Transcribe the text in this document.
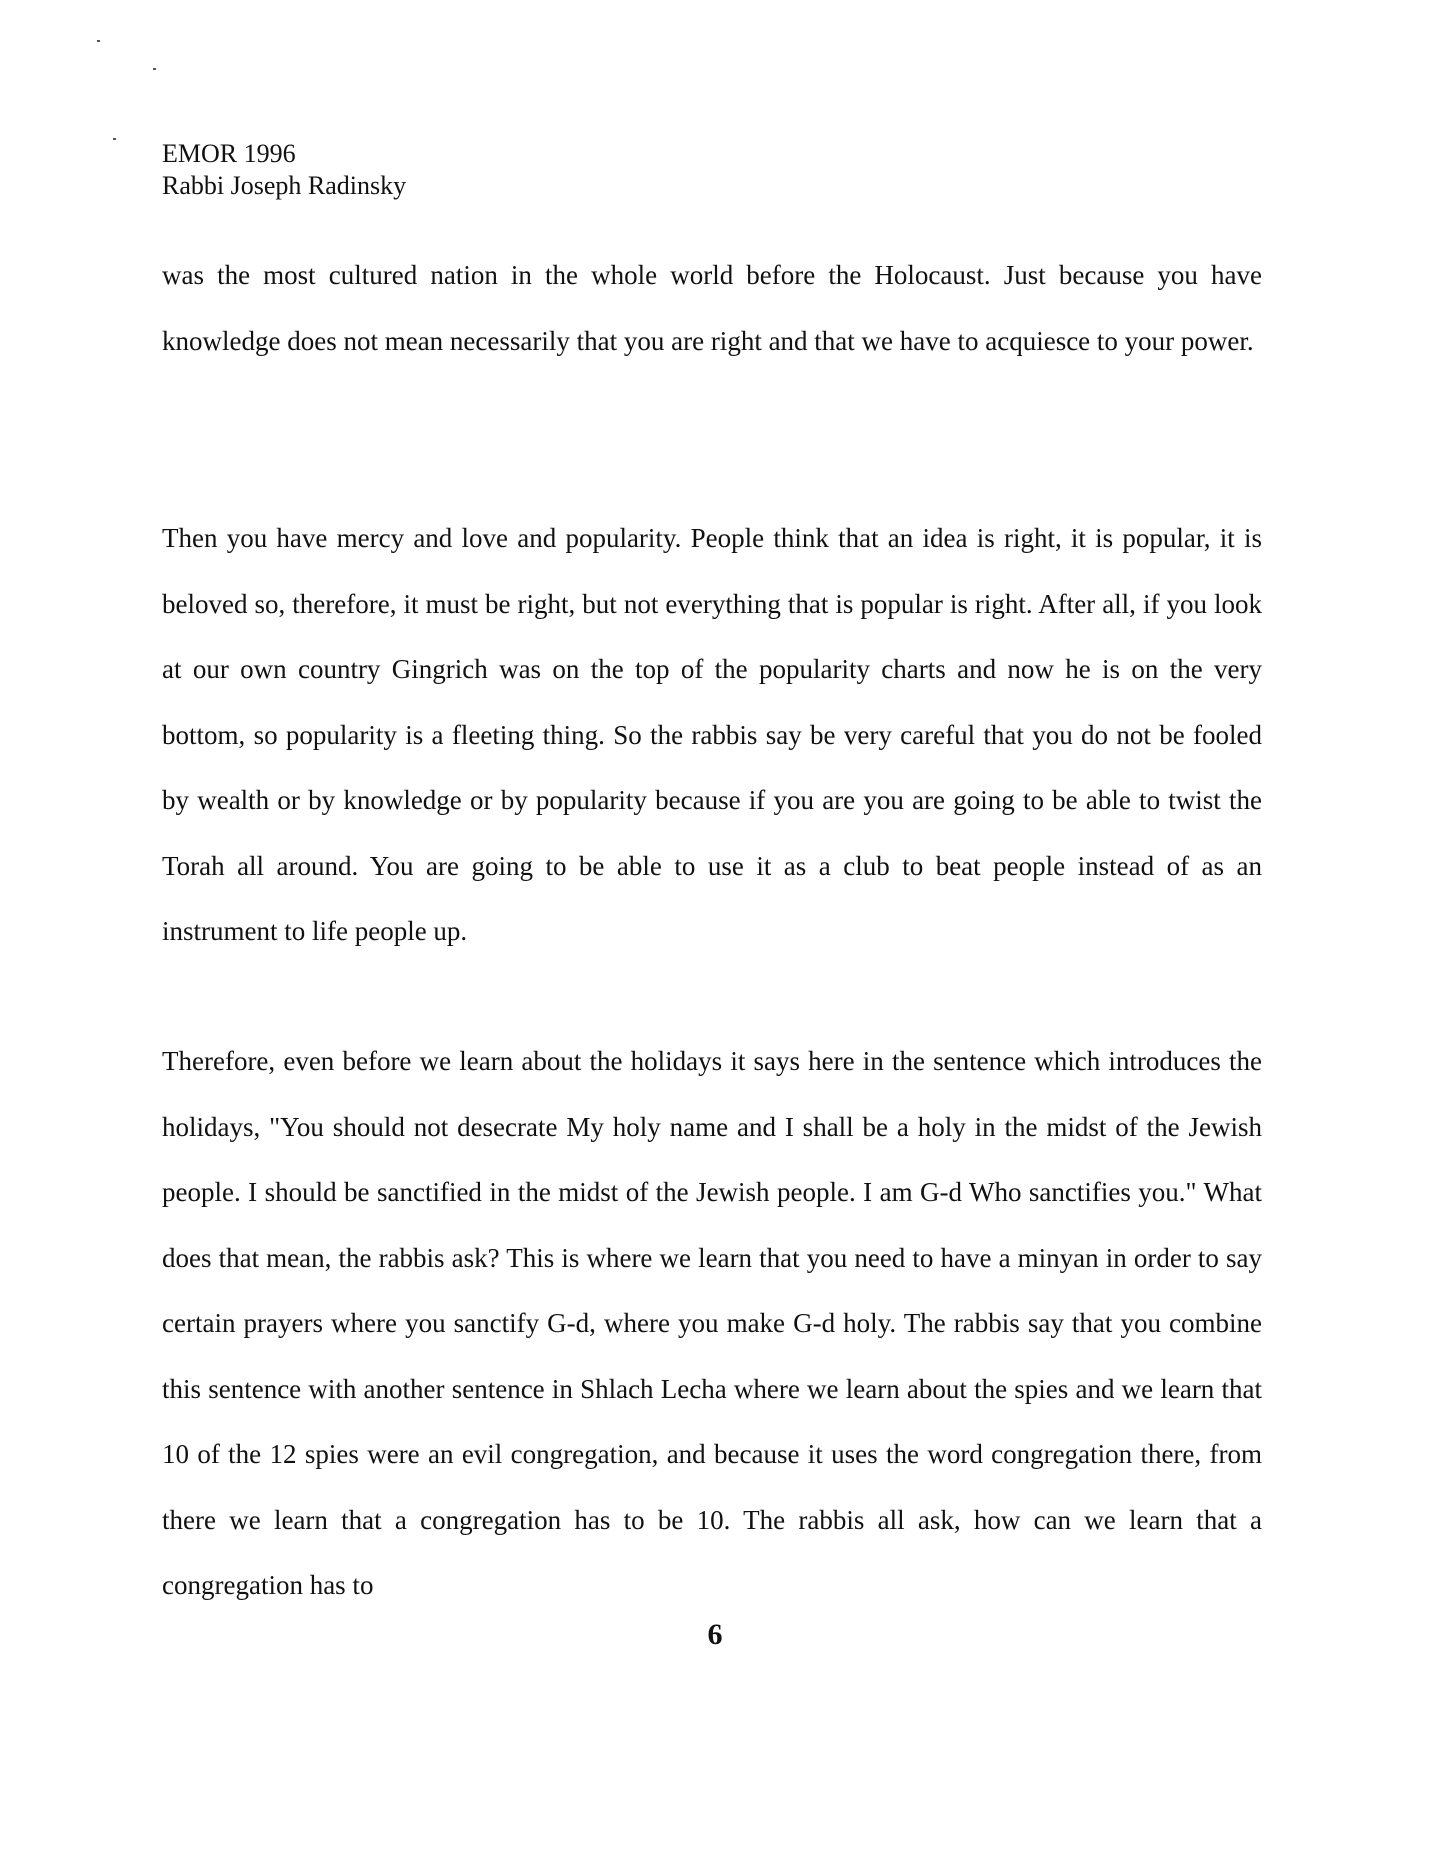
EMOR 1996
Rabbi Joseph Radinsky

was the most cultured nation in the whole world before the Holocaust. Just because you have knowledge does not mean necessarily that you are right and that we have to acquiesce to your power.

Then you have mercy and love and popularity. People think that an idea is right, it is popular, it is beloved so, therefore, it must be right, but not everything that is popular is right. After all, if you look at our own country Gingrich was on the top of the popularity charts and now he is on the very bottom, so popularity is a fleeting thing. So the rabbis say be very careful that you do not be fooled by wealth or by knowledge or by popularity because if you are you are going to be able to twist the Torah all around. You are going to be able to use it as a club to beat people instead of as an instrument to life people up.

Therefore, even before we learn about the holidays it says here in the sentence which introduces the holidays, "You should not desecrate My holy name and I shall be a holy in the midst of the Jewish people. I should be sanctified in the midst of the Jewish people. I am G-d Who sanctifies you." What does that mean, the rabbis ask? This is where we learn that you need to have a minyan in order to say certain prayers where you sanctify G-d, where you make G-d holy. The rabbis say that you combine this sentence with another sentence in Shlach Lecha where we learn about the spies and we learn that 10 of the 12 spies were an evil congregation, and because it uses the word congregation there, from there we learn that a congregation has to be 10. The rabbis all ask, how can we learn that a congregation has to

6
